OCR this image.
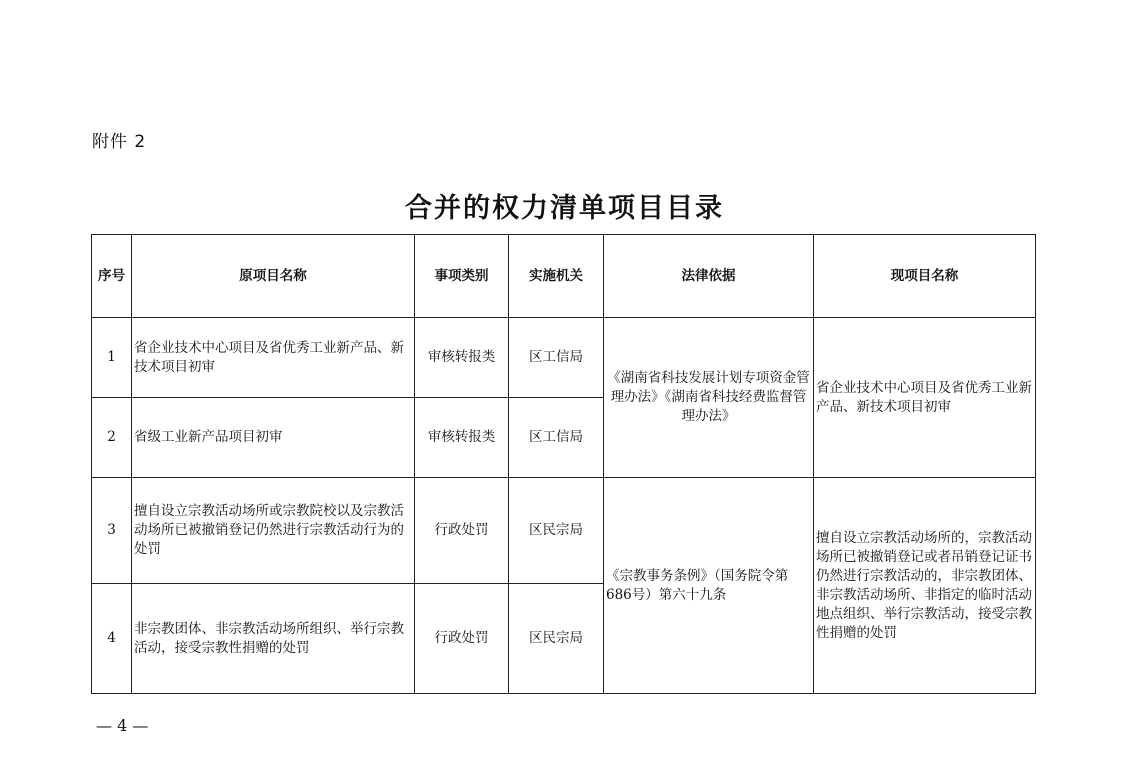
附件 2
合并的权力清单项目目录
序号	原项目名称	事项类别	实施机关	法律依据	现项目名称
1	省企业技术中心项目及省优秀工业新产品、新技术项目初审	审核转报类	区工信局	《湖南省科技发展计划专项资金管理办法》《湖南省科技经费监督管理办法》	省企业技术中心项目及省优秀工业新产品、新技术项目初审
2	省级工业新产品项目初审	审核转报类	区工信局		
3	擅自设立宗教活动场所或宗教院校以及宗教活动场所已被撤销登记仍然进行宗教活动行为的处罚	行政处罚	区民宗局	《宗教事务条例》（国务院令第686号）第六十九条	擅自设立宗教活动场所的，宗教活动场所已被撤销登记或者吊销登记证书仍然进行宗教活动的，非宗教团体、非宗教活动场所、非指定的临时活动地点组织、举行宗教活动，接受宗教性捐赠的处罚
4	非宗教团体、非宗教活动场所组织、举行宗教活动，接受宗教性捐赠的处罚	行政处罚	区民宗局		
— 4 —
